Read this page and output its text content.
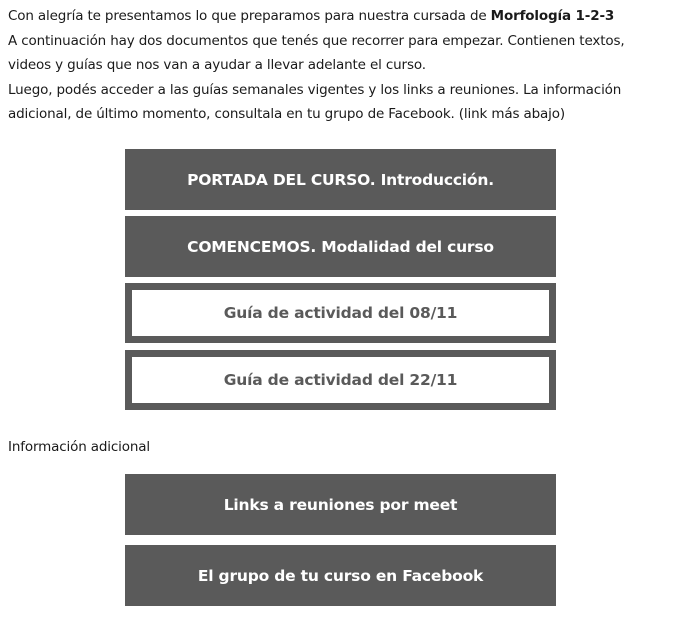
Con alegría te presentamos lo que preparamos para nuestra cursada de Morfología 1-2-3

A continuación hay dos documentos que tenés que recorrer para empezar. Contienen textos,

videos y guías que nos van a ayudar a llevar adelante el curso.

Luego, podés acceder a las guías semanales vigentes y los links a reuniones. La información

adicional, de último momento, consultala en tu grupo de Facebook. (link más abajo)

PORTADA DEL CURSO. Introducción.
COMENCEMOS. Modalidad del curso
Guía de actividad del 08/11
Guía de actividad del 22/11
Información adicional
Links a reuniones por meet
El grupo de tu curso en Facebook
